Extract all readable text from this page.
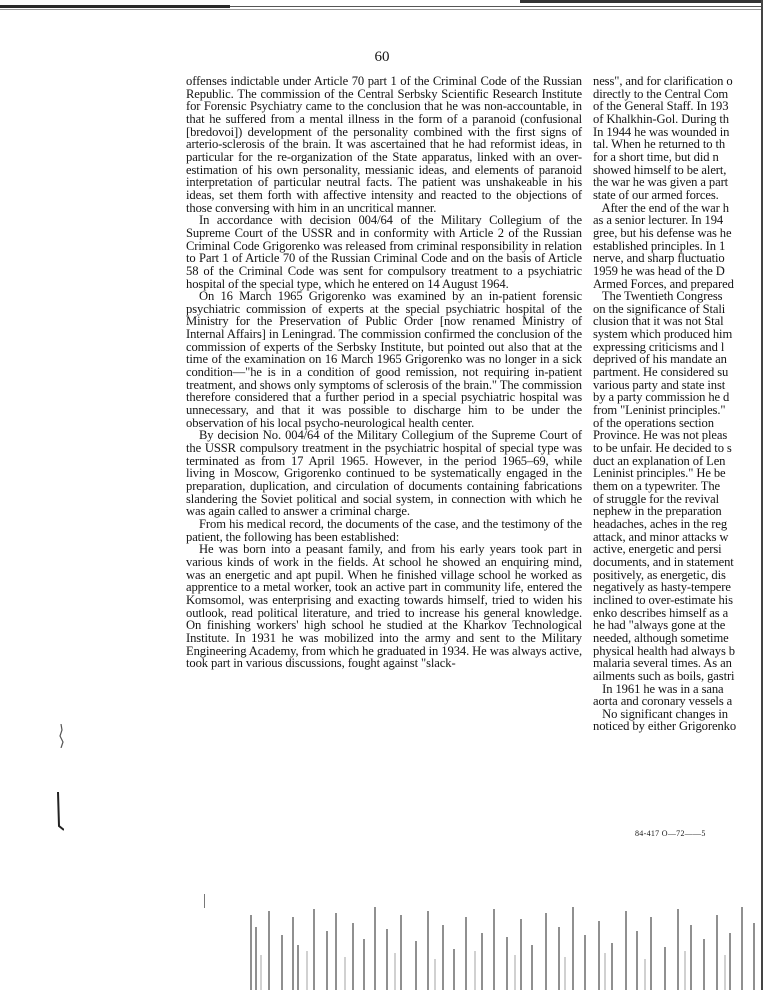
60

offenses indictable under Article 70 part 1 of the Criminal Code of the Russian Republic. The commission of the Central Serbsky Scientific Research Institute for Forensic Psychiatry came to the conclusion that he was non-accountable, in that he suffered from a mental illness in the form of a paranoid (confusional [bredovoi]) development of the personality combined with the first signs of arterio-sclerosis of the brain. It was ascertained that he had reformist ideas, in particular for the re-organization of the State apparatus, linked with an over-estimation of his own personality, messianic ideas, and elements of paranoid interpretation of particular neutral facts. The patient was unshakeable in his ideas, set them forth with affective intensity and reacted to the objections of those conversing with him in an uncritical manner.

In accordance with decision 004/64 of the Military Collegium of the Supreme Court of the USSR and in conformity with Article 2 of the Russian Criminal Code Grigorenko was released from criminal responsibility in relation to Part 1 of Article 70 of the Russian Criminal Code and on the basis of Article 58 of the Criminal Code was sent for compulsory treatment to a psychiatric hospital of the special type, which he entered on 14 August 1964.

On 16 March 1965 Grigorenko was examined by an in-patient forensic psychiatric commission of experts at the special psychiatric hospital of the Ministry for the Preservation of Public Order [now renamed Ministry of Internal Affairs] in Leningrad. The commission confirmed the conclusion of the commission of experts of the Serbsky Institute, but pointed out also that at the time of the examination on 16 March 1965 Grigorenko was no longer in a sick condition—"he is in a condition of good remission, not requiring in-patient treatment, and shows only symptoms of sclerosis of the brain." The commission therefore considered that a further period in a special psychiatric hospital was unnecessary, and that it was possible to discharge him to be under the observation of his local psycho-neurological health center.

By decision No. 004/64 of the Military Collegium of the Supreme Court of the USSR compulsory treatment in the psychiatric hospital of special type was terminated as from 17 April 1965. However, in the period 1965–69, while living in Moscow, Grigorenko continued to be systematically engaged in the preparation, duplication, and circulation of documents containing fabrications slandering the Soviet political and social system, in connection with which he was again called to answer a criminal charge.

From his medical record, the documents of the case, and the testimony of the patient, the following has been established:

He was born into a peasant family, and from his early years took part in various kinds of work in the fields. At school he showed an enquiring mind, was an energetic and apt pupil. When he finished village school he worked as apprentice to a metal worker, took an active part in community life, entered the Komsomol, was enterprising and exacting towards himself, tried to widen his outlook, read political literature, and tried to increase his general knowledge. On finishing workers' high school he studied at the Kharkov Technological Institute. In 1931 he was mobilized into the army and sent to the Military Engineering Academy, from which he graduated in 1934. He was always active, took part in various discussions, fought against "slack-

ness", and for clarification o

directly to the Central Com

of the General Staff. In 193

of Khalkhin-Gol. During th

In 1944 he was wounded in

tal. When he returned to th

for a short time, but did n

showed himself to be alert,

the war he was given a part

state of our armed forces.

After the end of the war h

as a senior lecturer. In 194

gree, but his defense was he

established principles. In 1

nerve, and sharp fluctuatio

1959 he was head of the D

Armed Forces, and prepared

The Twentieth Congress

on the significance of Stali

clusion that it was not Stal

system which produced him

expressing criticisms and l

deprived of his mandate an

partment. He considered su

various party and state inst

by a party commission he d

from "Leninist principles."

of the operations section

Province. He was not pleas

to be unfair. He decided to s

duct an explanation of Len

Leninist principles." He be

them on a typewriter. The

of struggle for the revival

nephew in the preparation

headaches, aches in the reg

attack, and minor attacks w

active, energetic and persi

documents, and in statement

positively, as energetic, dis

negatively as hasty-tempere

inclined to over-estimate his

enko describes himself as a

he had "always gone at the

needed, although sometime

physical health had always b

malaria several times. As an

ailments such as boils, gastri

In 1961 he was in a sana

aorta and coronary vessels a

No significant changes in

noticed by either Grigorenko

84-417 O—72——5
